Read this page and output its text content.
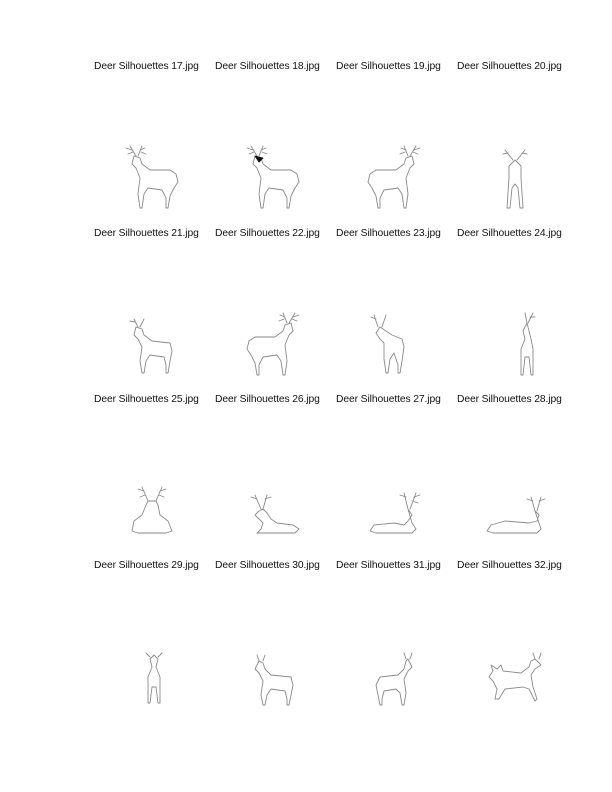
Deer Silhouettes 17.jpg	Deer Silhouettes 18.jpg	Deer Silhouettes 19.jpg	Deer Silhouettes 20.jpg
Deer Silhouettes 21.jpg	Deer Silhouettes 22.jpg	Deer Silhouettes 23.jpg	Deer Silhouettes 24.jpg
Deer Silhouettes 25.jpg	Deer Silhouettes 26.jpg	Deer Silhouettes 27.jpg	Deer Silhouettes 28.jpg
Deer Silhouettes 29.jpg	Deer Silhouettes 30.jpg	Deer Silhouettes 31.jpg	Deer Silhouettes 32.jpg
